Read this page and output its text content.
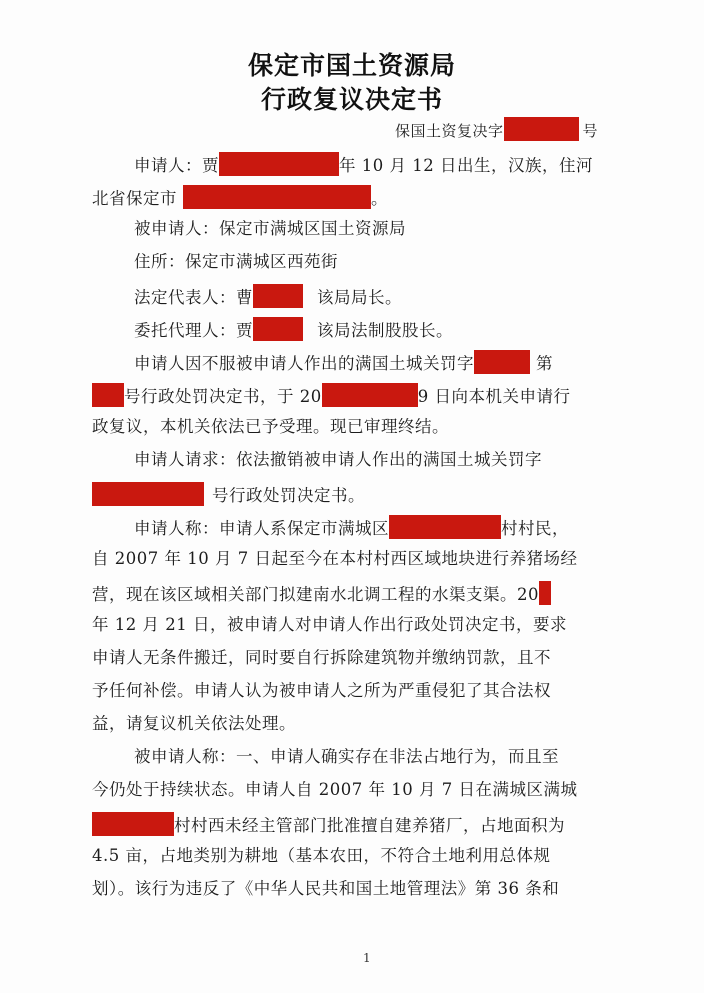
保定市国土资源局
行政复议决定书
保国土资复决字	号
申请人：贾	年 10 月 12 日出生，汉族，住河
北省保定市	。
被申请人：保定市满城区国土资源局
住所：保定市满城区西苑街
法定代表人：曹	该局局长。
委托代理人：贾	该局法制股股长。
申请人因不服被申请人作出的满国土城关罚字	第
号行政处罚决定书，于 20	9 日向本机关申请行
政复议，本机关依法已予受理。现已审理终结。
申请人请求：依法撤销被申请人作出的满国土城关罚字
号行政处罚决定书。
申请人称：申请人系保定市满城区	村村民，
自 2007 年 10 月 7 日起至今在本村村西区域地块进行养猪场经
营，现在该区域相关部门拟建南水北调工程的水渠支渠。20
年 12 月 21 日，被申请人对申请人作出行政处罚决定书，要求
申请人无条件搬迁，同时要自行拆除建筑物并缴纳罚款，且不
予任何补偿。申请人认为被申请人之所为严重侵犯了其合法权
益，请复议机关依法处理。
被申请人称：一、申请人确实存在非法占地行为，而且至
今仍处于持续状态。申请人自 2007 年 10 月 7 日在满城区满城
村村西未经主管部门批准擅自建养猪厂，占地面积为
4.5 亩，占地类别为耕地（基本农田，不符合土地利用总体规
划）。该行为违反了《中华人民共和国土地管理法》第 36 条和
1
